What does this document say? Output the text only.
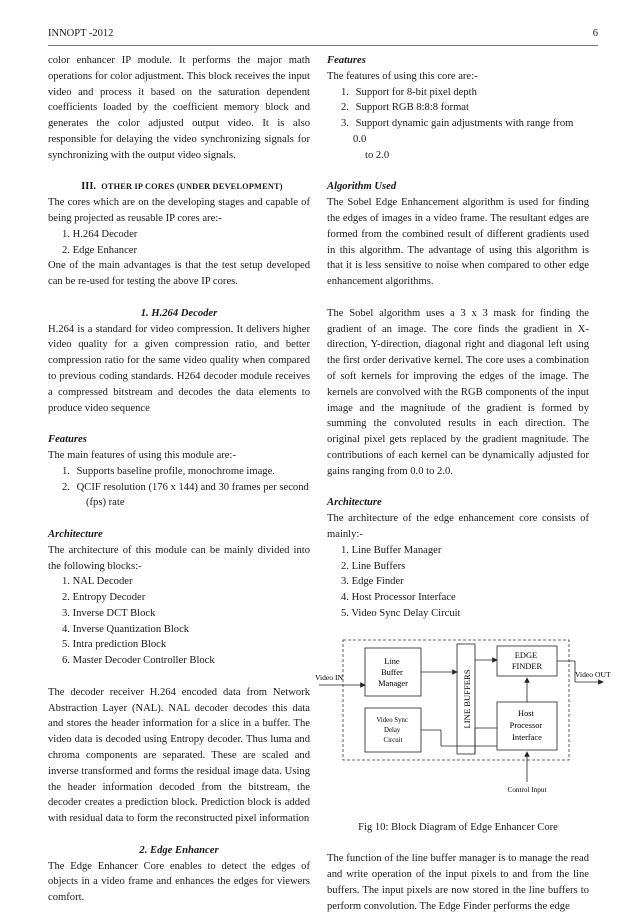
INNOPT -2012	6

color enhancer IP module. It performs the major math operations for color adjustment. This block receives the input video and process it based on the saturation dependent coefficients loaded by the coefficient memory block and generates the color adjusted output video. It is also responsible for delaying the video synchronizing signals for synchronizing with the output video signals.

III. OTHER IP CORES (UNDER DEVELOPMENT)

The cores which are on the developing stages and capable of being projected as reusable IP cores are:-

1. H.264 Decoder
2. Edge Enhancer

One of the main advantages is that the test setup developed can be re-used for testing the above IP cores.

1. H.264 Decoder

H.264 is a standard for video compression. It delivers higher video quality for a given compression ratio, and better compression ratio for the same video quality when compared to previous coding standards. H264 decoder module receives a compressed bitstream and decodes the data elements to produce video sequence

Features

The main features of using this module are:-

1. Supports baseline profile, monochrome image.
2. QCIF resolution (176 x 144) and 30 frames per second
(fps) rate

Architecture

The architecture of this module can be mainly divided into the following blocks:-

1. NAL Decoder
2. Entropy Decoder
3. Inverse DCT Block
4. Inverse Quantization Block
5. Intra prediction Block
6. Master Decoder Controller Block

The decoder receiver H.264 encoded data from Network Abstraction Layer (NAL). NAL decoder decodes this data and stores the header information for a slice in a buffer. The video data is decoded using Entropy decoder. Thus luma and chroma components are separated. These are scaled and inverse transformed and forms the residual image data. Using the header information decoded from the bitstream, the decoder creates a prediction block. Prediction block is added with residual data to form the reconstructed pixel information

2. Edge Enhancer

The Edge Enhancer Core enables to detect the edges of objects in a video frame and enhances the edges for viewers comfort.

Features

The features of using this core are:-

1. Support for 8-bit pixel depth
2. Support RGB 8:8:8 format
3. Support dynamic gain adjustments with range from 0.0
to 2.0

Algorithm Used

The Sobel Edge Enhancement algorithm is used for finding the edges of images in a video frame. The resultant edges are formed from the combined result of different gradients used in this algorithm. The advantage of using this algorithm is that it is less sensitive to noise when compared to other edge enhancement algorithms.

The Sobel algorithm uses a 3 x 3 mask for finding the gradient of an image. The core finds the gradient in X-direction, Y-direction, diagonal right and diagonal left using the first order derivative kernel. The core uses a combination of soft kernels for improving the edges of the image. The kernels are convolved with the RGB components of the input image and the magnitude of the gradient is formed by summing the convoluted results in each direction. The original pixel gets replaced by the gradient magnitude. The contributions of each kernel can be dynamically adjusted for gains ranging from 0.0 to 2.0.

Architecture

The architecture of the edge enhancement core consists of mainly:-

1. Line Buffer Manager
2. Line Buffers
3. Edge Finder
4. Host Processor Interface
5. Video Sync Delay Circuit
Line Buffer Manager
Video Sync Delay Circuit
LINE BUFFERS
EDGE FINDER
Host Processor Interface
Video IN	Video OUT
Control Input

Fig 10: Block Diagram of Edge Enhancer Core

The function of the line buffer manager is to manage the read and write operation of the input pixels to and from the line buffers. The input pixels are now stored in the line buffers to perform convolution. The Edge Finder performs the edge
